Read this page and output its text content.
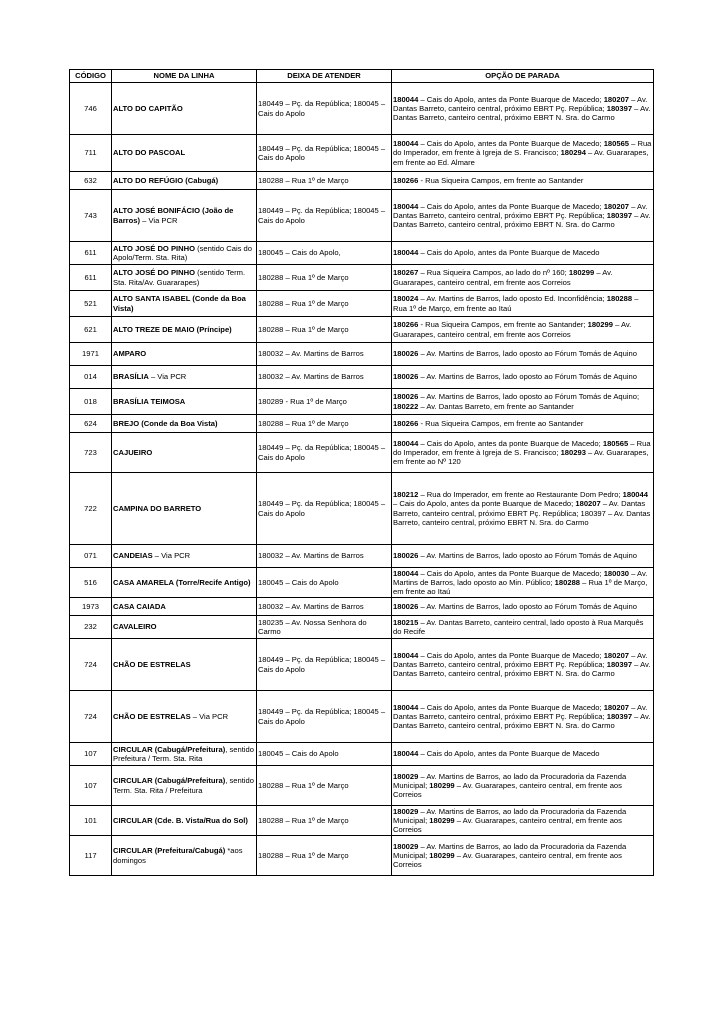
CÓDIGO	NOME DA LINHA	DEIXA DE ATENDER	OPÇÃO DE PARADA
746	ALTO DO CAPITÃO	180449 – Pç. da República; 180045 – Cais do Apolo	180044 – Cais do Apolo, antes da Ponte Buarque de Macedo; 180207 – Av. Dantas Barreto, canteiro central, próximo EBRT Pç. República; 180397 – Av. Dantas Barreto, canteiro central, próximo EBRT N. Sra. do Carmo
711	ALTO DO PASCOAL	180449 – Pç. da República; 180045 – Cais do Apolo	180044 – Cais do Apolo, antes da Ponte Buarque de Macedo; 180565 – Rua do Imperador, em frente à Igreja de S. Francisco; 180294 – Av. Guararapes, em frente ao Ed. Almare
632	ALTO DO REFÚGIO (Cabugá)	180288 – Rua 1º de Março	180266 - Rua Siqueira Campos, em frente ao Santander
743	ALTO JOSÉ BONIFÁCIO (João de Barros) – Via PCR	180449 – Pç. da República; 180045 – Cais do Apolo	180044 – Cais do Apolo, antes da Ponte Buarque de Macedo; 180207 – Av. Dantas Barreto, canteiro central, próximo EBRT Pç. República; 180397 – Av. Dantas Barreto, canteiro central, próximo EBRT N. Sra. do Carmo
611	ALTO JOSÉ DO PINHO (sentido Cais do Apolo/Term. Sta. Rita)	180045 – Cais do Apolo,	180044 – Cais do Apolo, antes da Ponte Buarque de Macedo
611	ALTO JOSÉ DO PINHO (sentido Term. Sta. Rita/Av. Guararapes)	180288 – Rua 1º de Março	180267 – Rua Siqueira Campos, ao lado do nº 160; 180299 – Av. Guararapes, canteiro central, em frente aos Correios
521	ALTO SANTA ISABEL (Conde da Boa Vista)	180288 – Rua 1º de Março	180024 – Av. Martins de Barros, lado oposto Ed. Inconfidência; 180288 – Rua 1º de Março, em frente ao Itaú
621	ALTO TREZE DE MAIO (Príncipe)	180288 – Rua 1º de Março	180266 - Rua Siqueira Campos, em frente ao Santander; 180299 – Av. Guararapes, canteiro central, em frente aos Correios
1971	AMPARO	180032 – Av. Martins de Barros	180026 – Av. Martins de Barros, lado oposto ao Fórum Tomás de Aquino
014	BRASÍLIA – Via PCR	180032 – Av. Martins de Barros	180026 – Av. Martins de Barros, lado oposto ao Fórum Tomás de Aquino
018	BRASÍLIA TEIMOSA	180289 - Rua 1º de Março	180026 – Av. Martins de Barros, lado oposto ao Fórum Tomás de Aquino; 180222 – Av. Dantas Barreto, em frente ao Santander
624	BREJO (Conde da Boa Vista)	180288 – Rua 1º de Março	180266 - Rua Siqueira Campos, em frente ao Santander
723	CAJUEIRO	180449 – Pç. da República; 180045 – Cais do Apolo	180044 – Cais do Apolo, antes da ponte Buarque de Macedo; 180565 – Rua do Imperador, em frente à Igreja de S. Francisco; 180293 – Av. Guararapes, em frente ao Nº 120
722	CAMPINA DO BARRETO	180449 – Pç. da República; 180045 – Cais do Apolo	180212 – Rua do Imperador, em frente ao Restaurante Dom Pedro; 180044 – Cais do Apolo, antes da ponte Buarque de Macedo; 180207 – Av. Dantas Barreto, canteiro central, próximo EBRT Pç. República; 180397 – Av. Dantas Barreto, canteiro central, próximo EBRT N. Sra. do Carmo
071	CANDEIAS – Via PCR	180032 – Av. Martins de Barros	180026 – Av. Martins de Barros, lado oposto ao Fórum Tomás de Aquino
516	CASA AMARELA (Torre/Recife Antigo)	180045 – Cais do Apolo	180044 – Cais do Apolo, antes da Ponte Buarque de Macedo; 180030 – Av. Martins de Barros, lado oposto ao Min. Público; 180288 – Rua 1º de Março, em frente ao Itaú
1973	CASA CAIADA	180032 – Av. Martins de Barros	180026 – Av. Martins de Barros, lado oposto ao Fórum Tomás de Aquino
232	CAVALEIRO	180235 – Av. Nossa Senhora do Carmo	180215 – Av. Dantas Barreto, canteiro central, lado oposto à Rua Marquês do Recife
724	CHÃO DE ESTRELAS	180449 – Pç. da República; 180045 – Cais do Apolo	180044 – Cais do Apolo, antes da Ponte Buarque de Macedo; 180207 – Av. Dantas Barreto, canteiro central, próximo EBRT Pç. República; 180397 – Av. Dantas Barreto, canteiro central, próximo EBRT N. Sra. do Carmo
724	CHÃO DE ESTRELAS – Via PCR	180449 – Pç. da República; 180045 – Cais do Apolo	180044 – Cais do Apolo, antes da Ponte Buarque de Macedo; 180207 – Av. Dantas Barreto, canteiro central, próximo EBRT Pç. República; 180397 – Av. Dantas Barreto, canteiro central, próximo EBRT N. Sra. do Carmo
107	CIRCULAR (Cabugá/Prefeitura), sentido Prefeitura / Term. Sta. Rita	180045 – Cais do Apolo	180044 – Cais do Apolo, antes da Ponte Buarque de Macedo
107	CIRCULAR (Cabugá/Prefeitura), sentido Term. Sta. Rita / Prefeitura	180288 – Rua 1º de Março	180029 – Av. Martins de Barros, ao lado da Procuradoria da Fazenda Municipal; 180299 – Av. Guararapes, canteiro central, em frente aos Correios
101	CIRCULAR (Cde. B. Vista/Rua do Sol)	180288 – Rua 1º de Março	180029 – Av. Martins de Barros, ao lado da Procuradoria da Fazenda Municipal; 180299 – Av. Guararapes, canteiro central, em frente aos Correios
117	CIRCULAR (Prefeitura/Cabugá) *aos domingos	180288 – Rua 1º de Março	180029 – Av. Martins de Barros, ao lado da Procuradoria da Fazenda Municipal; 180299 – Av. Guararapes, canteiro central, em frente aos Correios
